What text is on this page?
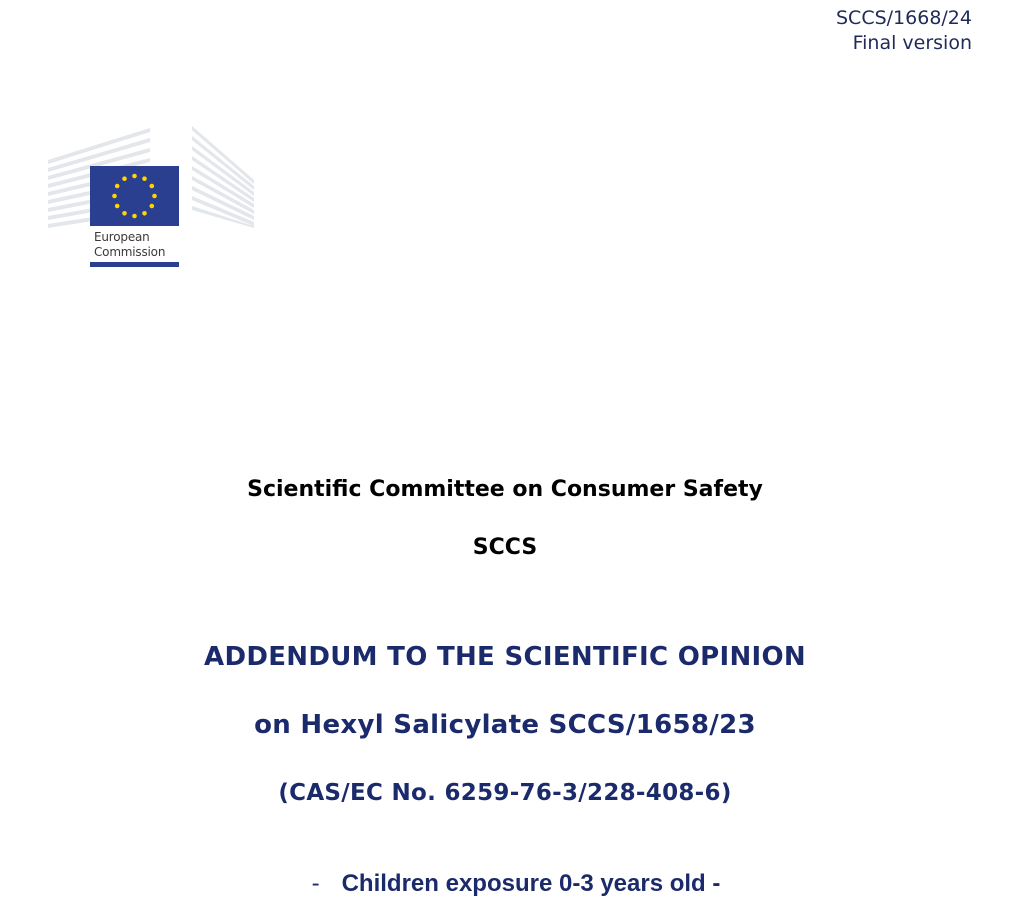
SCCS/1668/24
Final version
European
Commission
Scientific Committee on Consumer Safety
SCCS
ADDENDUM TO THE SCIENTIFIC OPINION
on Hexyl Salicylate SCCS/1658/23
(CAS/EC No. 6259-76-3/228-408-6)
- Children exposure 0-3 years old -
